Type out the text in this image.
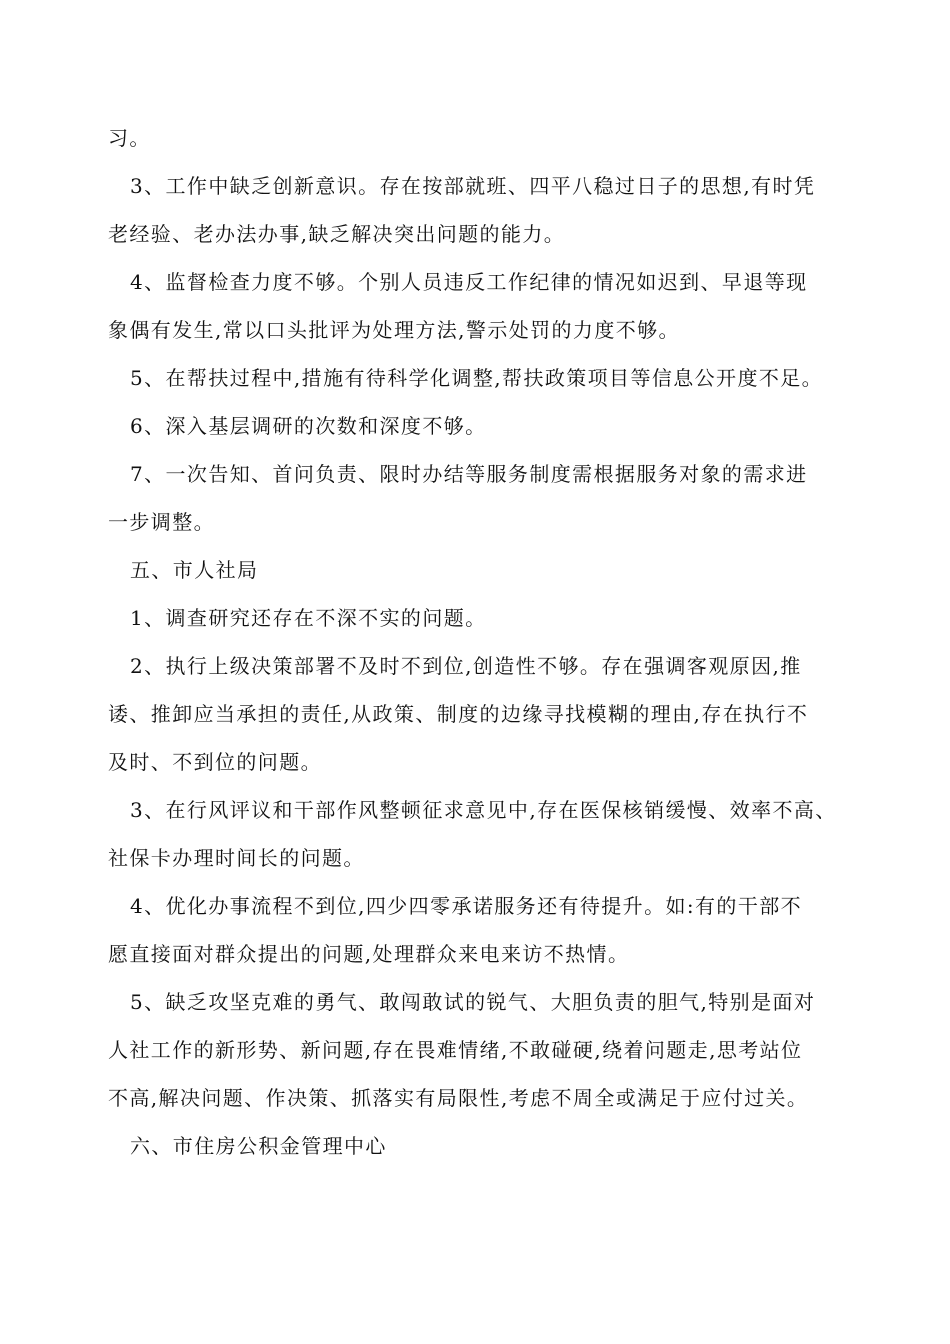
习。

3、工作中缺乏创新意识。存在按部就班、四平八稳过日子的思想,有时凭
老经验、老办法办事,缺乏解决突出问题的能力。

4、监督检查力度不够。个别人员违反工作纪律的情况如迟到、早退等现
象偶有发生,常以口头批评为处理方法,警示处罚的力度不够。

5、在帮扶过程中,措施有待科学化调整,帮扶政策项目等信息公开度不足。

6、深入基层调研的次数和深度不够。

7、一次告知、首问负责、限时办结等服务制度需根据服务对象的需求进
一步调整。

五、市人社局

1、调查研究还存在不深不实的问题。

2、执行上级决策部署不及时不到位,创造性不够。存在强调客观原因,推
诿、推卸应当承担的责任,从政策、制度的边缘寻找模糊的理由,存在执行不
及时、不到位的问题。

3、在行风评议和干部作风整顿征求意见中,存在医保核销缓慢、效率不高、
社保卡办理时间长的问题。

4、优化办事流程不到位,四少四零承诺服务还有待提升。如:有的干部不
愿直接面对群众提出的问题,处理群众来电来访不热情。

5、缺乏攻坚克难的勇气、敢闯敢试的锐气、大胆负责的胆气,特别是面对
人社工作的新形势、新问题,存在畏难情绪,不敢碰硬,绕着问题走,思考站位
不高,解决问题、作决策、抓落实有局限性,考虑不周全或满足于应付过关。

六、市住房公积金管理中心
